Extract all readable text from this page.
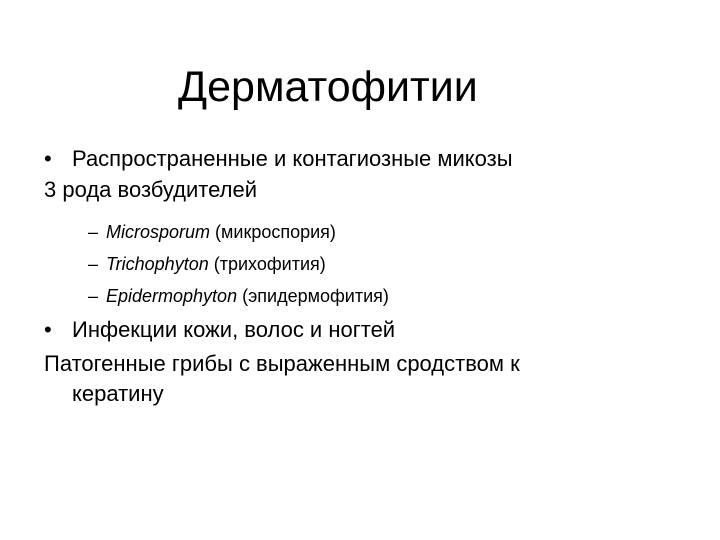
Дерматофитии
• Распространенные и контагиозные микозы
3 рода возбудителей
– Microsporum (микроспория)
– Trichophyton (трихофития)
– Epidermophyton (эпидермофития)
• Инфекции кожи, волос и ногтей
Патогенные грибы с выраженным сродством к
кератину
